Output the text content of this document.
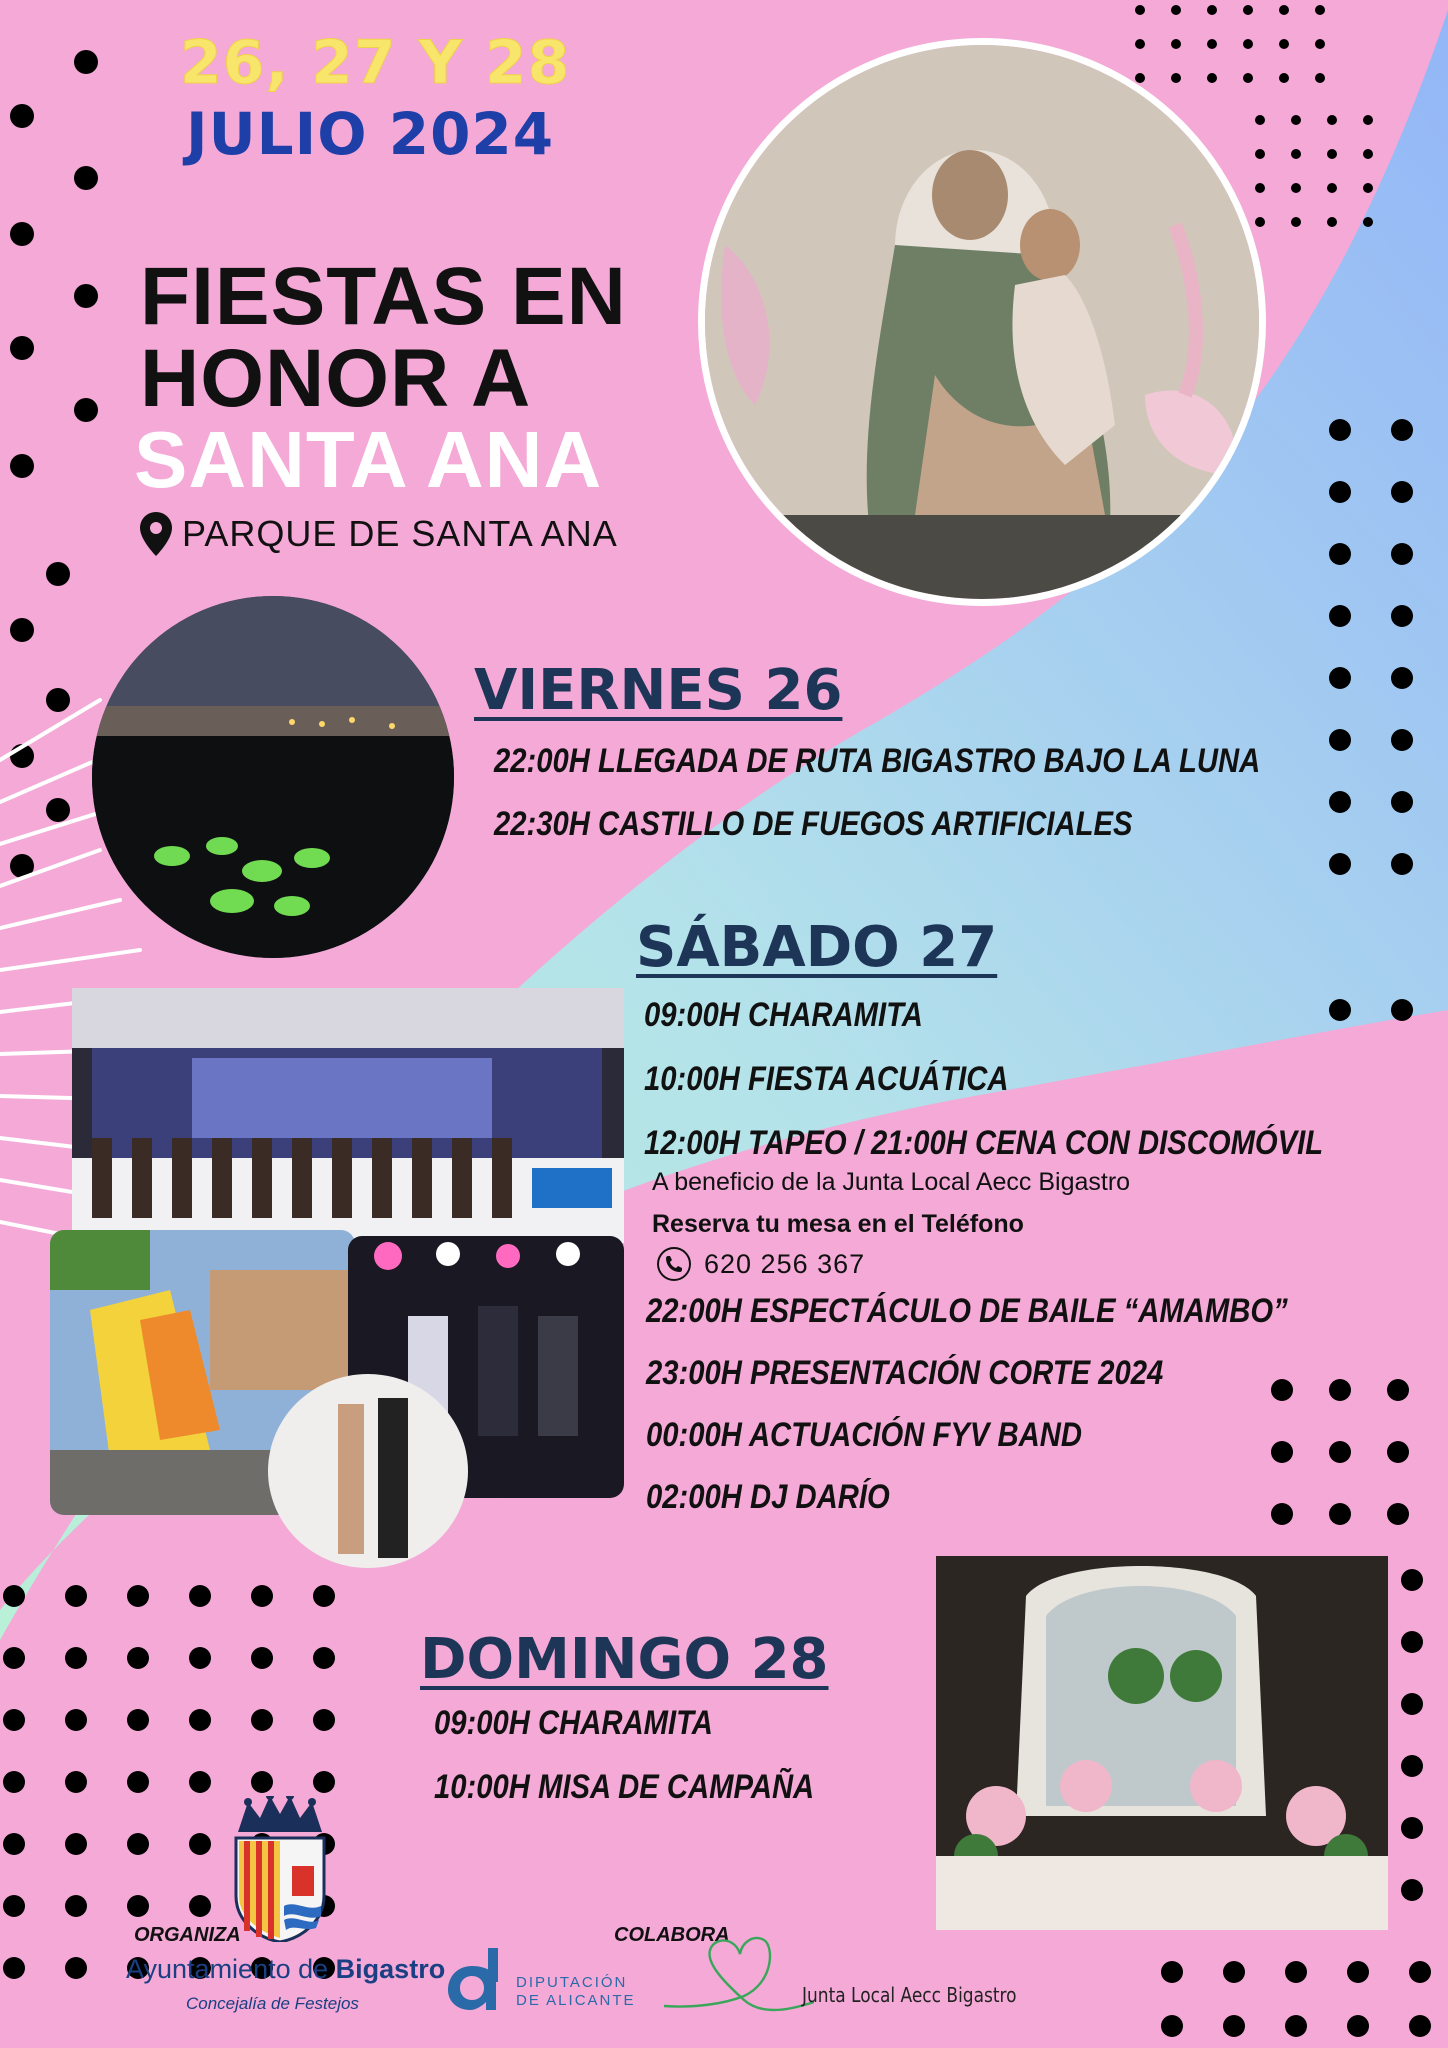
26, 27 Y 28
JULIO 2024
FIESTAS EN
HONOR A
SANTA ANA
PARQUE DE SANTA ANA
VIERNES 26
22:00H LLEGADA DE RUTA BIGASTRO BAJO LA LUNA
22:30H CASTILLO DE FUEGOS ARTIFICIALES
SÁBADO 27
09:00H CHARAMITA
10:00H FIESTA ACUÁTICA
12:00H TAPEO / 21:00H CENA CON DISCOMÓVIL
A beneficio de la Junta Local Aecc Bigastro
Reserva tu mesa en el Teléfono
620 256 367
22:00H ESPECTÁCULO DE BAILE “AMAMBO”
23:00H PRESENTACIÓN CORTE 2024
00:00H ACTUACIÓN FYV BAND
02:00H DJ DARÍO
DOMINGO 28
09:00H CHARAMITA
10:00H MISA DE CAMPAÑA
ORGANIZA
Ayuntamiento de Bigastro
Concejalía de Festejos
DIPUTACIÓN
DE ALICANTE
COLABORA
Junta Local Aecc Bigastro
